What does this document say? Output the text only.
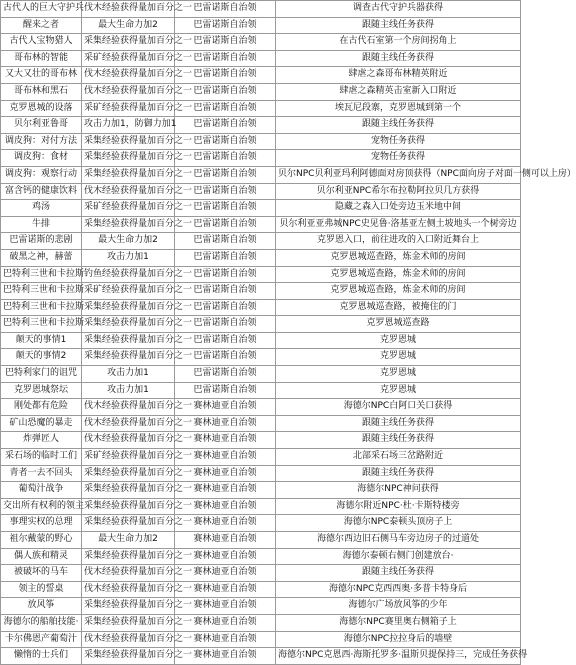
古代人的巨大守护兵	伐木经验获得量加百分之一	巴雷诺斯自治领	调查古代守护兵器获得
醒来之者	最大生命力加2	巴雷诺斯自治领	跟随主线任务获得
古代人宝物猎人	采集经验获得量加百分之一	巴雷诺斯自治领	在古代石室第一个房间拐角上
哥布林的智能	采矿经验获得量加百分之一	巴雷诺斯自治领	跟随主线任务获得
又大又壮的哥布林	伐木经验获得量加百分之一	巴雷诺斯自治领	肆虐之森哥布林精英附近
哥布林和黑石	伐木经验获得量加百分之一	巴雷诺斯自治领	肆虐之森精英击室新入口附近
克罗恩城的设落	采矿经验获得量加百分之一	巴雷诺斯自治领	埃瓦尼段寨，克罗恩城到第一个
贝尔利亚鲁哥	攻击力加1，防御力加1	巴雷诺斯自治领	跟随主线任务获得
调皮狗：对付方法	采集经验获得量加百分之一	巴雷诺斯自治领	宠物任务获得
调皮狗：食材	采集经验获得量加百分之一	巴雷诺斯自治领	宠物任务获得
调皮狗：观察行动	采集经验获得量加百分之一	巴雷诺斯自治领	贝尔NPC贝利亚玛利阿德面对房顶获得（NPC面向房子对面一侧可以上房）
富含钙的健康饮料	伐木经验获得量加百分之一	巴雷诺斯自治领	贝尔利亚NPC希尔布拉勒阿拉贝几方获得
鸡汤	采矿经验获得量加百分之一	巴雷诺斯自治领	隐藏之森入口处旁边玉米地中间
牛排	采集经验获得量加百分之一	巴雷诺斯自治领	贝尔利亚亚弗城NPC史见鲁·洛基亚左侧土坡地头一个树旁边
巴雷诺斯的悲剧	最大生命力加2	巴雷诺斯自治领	克罗恩入口，前往进攻的入口附近舞台上
破黑之神，赫蕾	攻击力加1	巴雷诺斯自治领	克罗恩城巡查路，炼金术师的房间
巴特利三世和卡拉斯	钓鱼经验获得量加百分之一	巴雷诺斯自治领	克罗恩城巡查路，炼金术师的房间
巴特利三世和卡拉斯	采矿经验获得量加百分之一	巴雷诺斯自治领	克罗恩城巡查路，炼金术师的房间
巴特利三世和卡拉斯	采集经验获得量加百分之一	巴雷诺斯自治领	克罗恩城巡查路，被掩住的门
巴特利三世和卡拉斯	采集经验获得量加百分之一	巴雷诺斯自治领	克罗恩城巡查路
颠天的事情1	采集经验获得量加百分之一	巴雷诺斯自治领	克罗恩城
颠天的事情2	采集经验获得量加百分之一	巴雷诺斯自治领	克罗恩城
巴特利家门的诅咒	攻击力加1	巴雷诺斯自治领	克罗恩城
克罗恩城祭坛	攻击力加1	巴雷诺斯自治领	克罗恩城
刚处都有危险	伐木经验获得量加百分之一	赛林迪亚自治领	海德尔NPC白阿口关口获得
矿山恐魔的暴走	伐木经验获得量加百分之一	赛林迪亚自治领	跟随主线任务获得
炸弹匠人	伐木经验获得量加百分之一	赛林迪亚自治领	跟随主线任务获得
采石场的临时工们	采矿经验获得量加百分之一	赛林迪亚自治领	北部采石场三岔路附近
青者一去不回头	采集经验获得量加百分之一	赛林迪亚自治领	跟随主线任务获得
葡萄汁战争	采集经验获得量加百分之一	赛林迪亚自治领	海德尔NPC神问获得
交出所有权利的领主	采集经验获得量加百分之一	赛林迪亚自治领	海德尔附近NPC·杜·卡斯特楼旁
事理实权的总理	采集经验获得量加百分之一	赛林迪亚自治领	海德尔NPC泰顿头顶房子上
祖尔戴蒙的野心	最大生命力加2	赛林迪亚自治领	海德尔西边旧石侧马车旁边房子的过道处
偶人族和精灵	采集经验获得量加百分之一	赛林迪亚自治领	海德尔泰顿右侧门创建放台·
被破坏的马车	伐木经验获得量加百分之一	赛林迪亚自治领	跟随主线任务获得
领主的誓桌	伐木经验获得量加百分之一	赛林迪亚自治领	海德尔NPC克西西奥·多普卡特身后
放风筝	采集经验获得量加百分之一	赛林迪亚自治领	海德尔广场放风筝的少年
海德尔的船舶技能·	采集经验获得量加百分之一	赛林迪亚自治领	海德尔NPC赛里奥右侧箱子上
卡尔佛恩产葡萄汁	伐木经验获得量加百分之一	赛林迪亚自治领	海德尔NPC拉拉身后的墙壁
懒惰的士兵们	采集经验获得量加百分之一	赛林迪亚自治领	海德尔NPC克恩西·海斯托罗多·温斯贝提保持三，完成任务获得
